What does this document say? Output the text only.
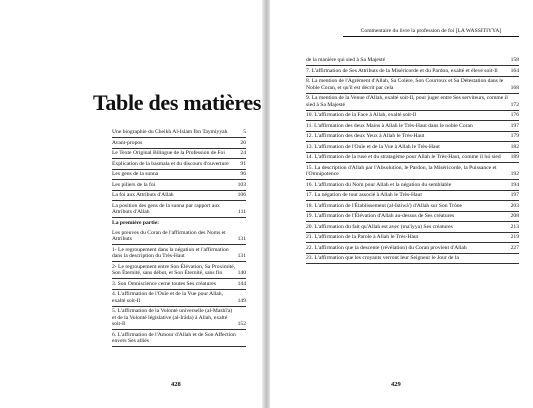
Table des matières
Une biographie du Cheikh Al-Islam Ibn Taymiyyah	5
Avant-propos	20
Le Texte Original Bilingue de la Profession de Foi	24
Explication de la basmala et du discours d'ouverture	91
Les gens de la sunna	96
Les piliers de la foi	103
La foi aux Attributs d'Allah	106
La position des gens de la sunna par rapport aux Attributs d'Allah	111
La première partie:
Les preuves du Coran de l'affirmation des Noms et Attributs	131
1- Le regroupement dans la négation et l'affirmation dans la description du Très-Haut	131
2- Le regroupement entre Son Élévation, Sa Proximité, Son Éternité, sans début, et Son Éternité, sans fin	140
3. Son Omniscience cerne toutes Ses créatures	144
4. L'affirmation de l'Ouïe et de la Vue pour Allah, exalté soit-Il	149
5. L'affirmation de la Volonté universelle (al-Mashî'a) et de la Volonté législative (al-Irâda) à Allah, exalté soit-Il	152
6. L'affirmation de l'Amour d'Allah et de Son Affection envers Ses alliés
428
Commentaire du livre la profession de foi [LA WASSITIYYA]
de la manière qui sied à Sa Majesté	158
7. L'affirmation de Ses Attributs de la Miséricorde et du Pardon, exalté et élevé soit-Il	164
8. La mention de l'Agrément d'Allah, Sa Colère, Son Courroux et Sa Détestation dans le Noble Coran, et qu'il est décrit par cela	168
9. La mention de la Venue d'Allah, exalté soit-Il, pour juger entre Ses serviteurs, comme il sied à Sa Majesté	172
10. L'affirmation de la Face à Allah, exalté soit-Il	176
11. L'affirmation des deux Mains à Allah le Très-Haut dans le noble Coran	197
12. L'affirmation des deux Yeux à Allah le Très-Haut	179
13. L'affirmation de l'Ouïe et de la Vue à Allah le Très-Haut	182
14. L'affirmation de la ruse et du stratagème pour Allah le Très-Haut, comme il lui sied	189
15. La description d'Allah par l'Absolution, le Pardon, la Miséricorde, la Puissance et l'Omnipotence	192
16. L'affirmation du Nom pour Allah et la négation du semblable	194
17. La négation de tout associé à Allah le Très-Haut	197
18. L'affirmation de l'Établissement (al-Istiwâ') d'Allah sur Son Trône	203
19. L'affirmation de l'Élévation d'Allah au-dessus de Ses créatures	208
20. L'affirmation du fait qu'Allah est avec (ma'iyya) Ses créatures	213
21. L'affirmation de la Parole à Allah le Très-Haut	219
22. L'affirmation que la descente (révélation) du Coran provient d'Allah	227
23. L'affirmation que les croyants verront leur Seigneur le Jour de la
429
